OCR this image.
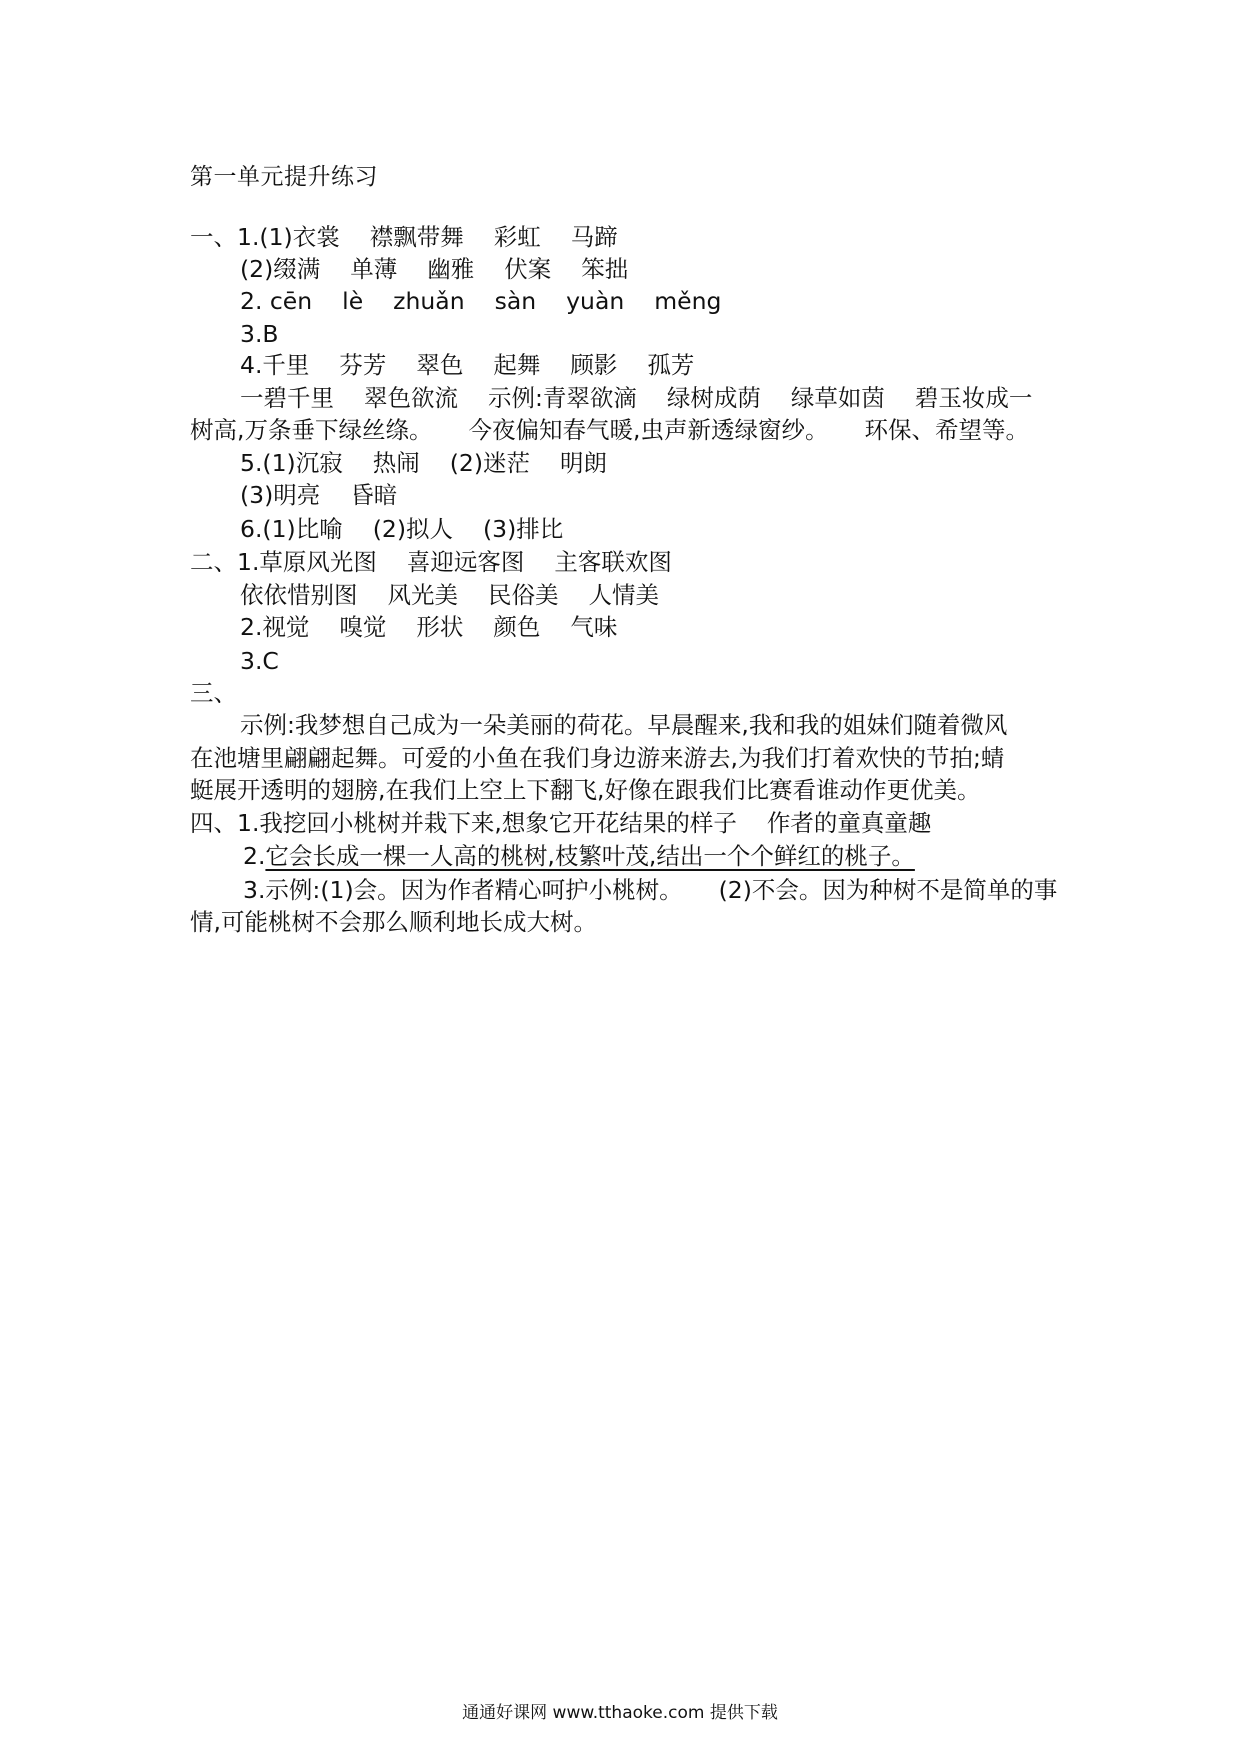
第一单元提升练习
一、1.(1)衣裳 襟飘带舞 彩虹 马蹄
(2)缀满 单薄 幽雅 伏案 笨拙
2. cēn lè zhuǎn sàn yuàn měng
3.B
4.千里 芬芳 翠色 起舞 顾影 孤芳
一碧千里 翠色欲流 示例:青翠欲滴 绿树成荫 绿草如茵 碧玉妆成一
树高,万条垂下绿丝绦。 今夜偏知春气暖,虫声新透绿窗纱。 环保、希望等。
5.(1)沉寂 热闹 (2)迷茫 明朗
(3)明亮 昏暗
6.(1)比喻 (2)拟人 (3)排比
二、1.草原风光图 喜迎远客图 主客联欢图
依依惜别图 风光美 民俗美 人情美
2.视觉 嗅觉 形状 颜色 气味
3.C
三、
示例:我梦想自己成为一朵美丽的荷花。早晨醒来,我和我的姐妹们随着微风
在池塘里翩翩起舞。可爱的小鱼在我们身边游来游去,为我们打着欢快的节拍;蜻
蜓展开透明的翅膀,在我们上空上下翻飞,好像在跟我们比赛看谁动作更优美。
四、1.我挖回小桃树并栽下来,想象它开花结果的样子 作者的童真童趣
2.它会长成一棵一人高的桃树,枝繁叶茂,结出一个个鲜红的桃子。
3.示例:(1)会。因为作者精心呵护小桃树。 (2)不会。因为种树不是简单的事
情,可能桃树不会那么顺利地长成大树。
通通好课网 www.tthaoke.com 提供下载
